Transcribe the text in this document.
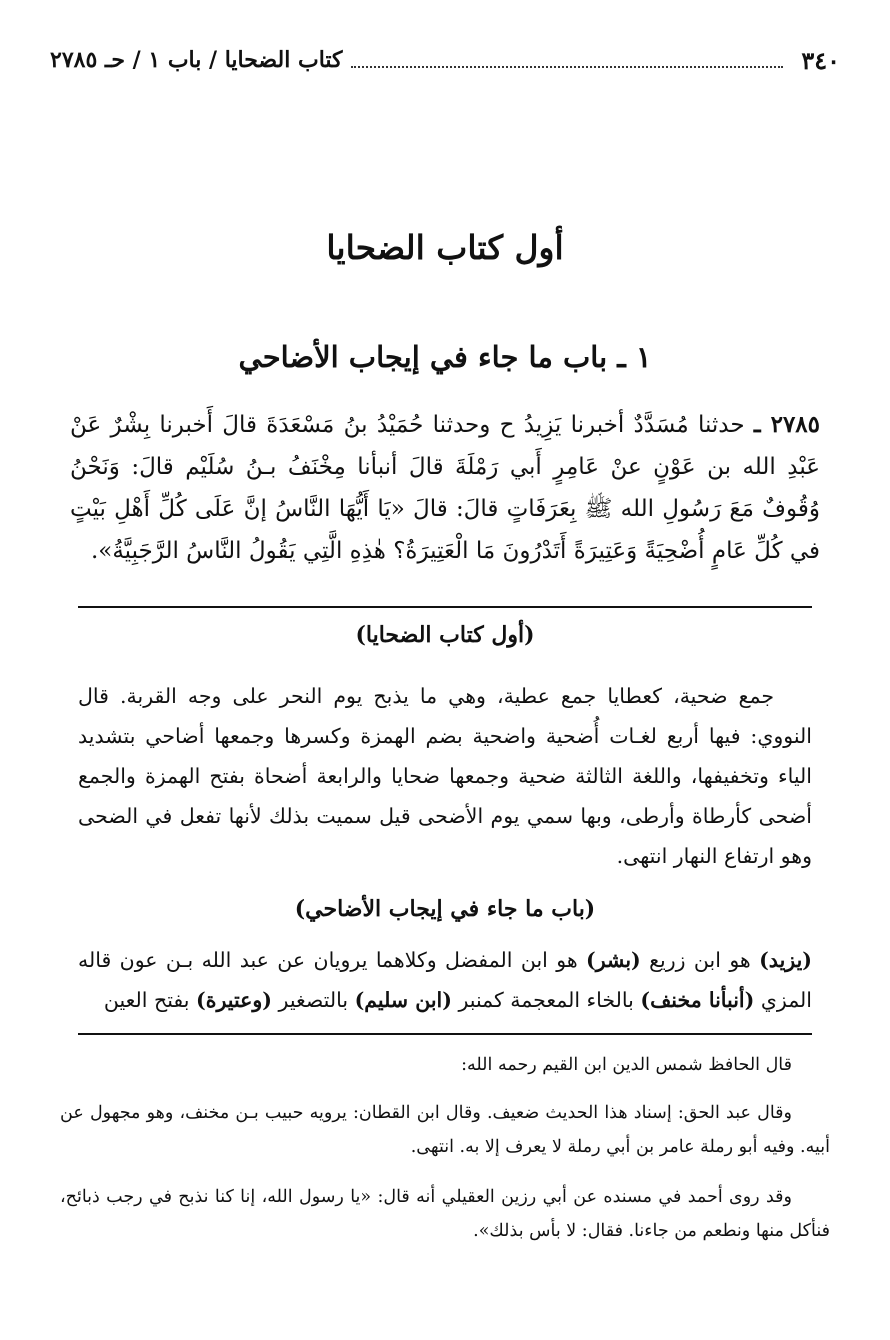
٣٤٠
كتاب الضحايا / باب ١ / حـ ٢٧٨٥
أول كتاب الضحايا
١ ـ باب ما جاء في إيجاب الأضاحي
٢٧٨٥ ـ حدثنا مُسَدَّدٌ أخبرنا يَزِيدُ ح وحدثنا حُمَيْدُ بنُ مَسْعَدَةَ قالَ أَخبرنا بِشْرٌ عَنْ عَبْدِ الله بن عَوْنٍ عنْ عَامِرٍ أَبي رَمْلَةَ قالَ أنبأنا مِخْنَفُ بـنُ سُلَيْم قالَ: وَنَحْنُ وُقُوفٌ مَعَ رَسُولِ الله ﷺ بِعَرَفَاتٍ قالَ: قالَ «يَا أَيُّهَا النَّاسُ إنَّ عَلَى كُلِّ أَهْلِ بَيْتٍ في كُلِّ عَامٍ أُضْحِيَةً وَعَتِيرَةً أَتَدْرُونَ مَا الْعَتِيرَةُ؟ هٰذِهِ الَّتِي يَقُولُ النَّاسُ الرَّجَبِيَّةُ».
(أول كتاب الضحايا)
جمع ضحية، كعطايا جمع عطية، وهي ما يذبح يوم النحر على وجه القربة. قال النووي: فيها أربع لغـات أُضحية واضحية بضم الهمزة وكسرها وجمعها أضاحي بتشديد الياء وتخفيفها، واللغة الثالثة ضحية وجمعها ضحايا والرابعة أضحاة بفتح الهمزة والجمع أضحى كأرطاة وأرطى، وبها سمي يوم الأضحى قيل سميت بذلك لأنها تفعل في الضحى وهو ارتفاع النهار انتهى.
(باب ما جاء في إيجاب الأضاحي)
(يزيد) هو ابن زريع (بشر) هو ابن المفضل وكلاهما يرويان عن عبد الله بـن عون قاله المزي (أنبأنا مخنف) بالخاء المعجمة كمنبر (ابن سليم) بالتصغير (وعتيرة) بفتح العين
قال الحافظ شمس الدين ابن القيم رحمه الله:
وقال عبد الحق: إسناد هذا الحديث ضعيف. وقال ابن القطان: يرويه حبيب بـن مخنف، وهو مجهول عن أبيه. وفيه أبو رملة عامر بن أبي رملة لا يعرف إلا به. انتهى.
وقد روى أحمد في مسنده عن أبي رزين العقيلي أنه قال: «يا رسول الله، إنا كنا نذبح في رجب ذبائح، فنأكل منها ونطعم من جاءنا. فقال: لا بأس بذلك».
